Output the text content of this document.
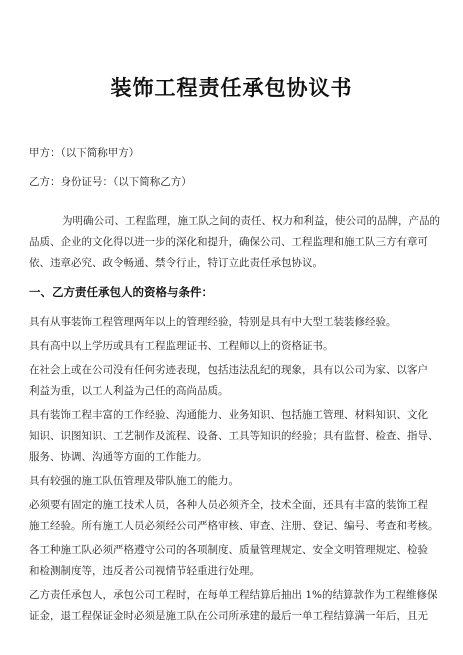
装饰工程责任承包协议书
甲方：（以下简称甲方）
乙方：身份证号：（以下简称乙方）
为明确公司、工程监理，施工队之间的责任、权力和利益，使公司的品牌，产品的
品质、企业的文化得以进一步的深化和提升，确保公司、工程监理和施工队三方有章可
依、违章必究、政令畅通、禁令行止，特订立此责任承包协议。
一、乙方责任承包人的资格与条件：
具有从事装饰工程管理两年以上的管理经验，特别是具有中大型工装装修经验。
具有高中以上学历或具有工程监理证书、工程师以上的资格证书。
在社会上或在公司没有任何劣迹表现，包括违法乱纪的现象，具有以公司为家、以客户
利益为重，以工人利益为己任的高尚品质。
具有装饰工程丰富的工作经验、沟通能力、业务知识、包括施工管理、材料知识、文化
知识、识图知识、工艺制作及流程、设备、工具等知识的经验；具有监督、检查、指导、
服务、协调、沟通等方面的工作能力。
具有较强的施工队伍管理及带队施工的能力。
必须要有固定的施工技术人员，各种人员必须齐全，技术全面，还具有丰富的装饰工程
施工经验。所有施工人员必须经公司严格审核、审查、注册、登记、编号、考查和考核。
各工种施工队必须严格遵守公司的各项制度、质量管理规定、安全文明管理规定、检验
和检测制度等，违反者公司视情节轻重进行处理。
乙方责任承包人，承包公司工程时，在每单工程结算后抽出 1%的结算款作为工程维修保
证金，退工程保证金时必须是施工队在公司所承建的最后一单工程结算满一年后，且无
